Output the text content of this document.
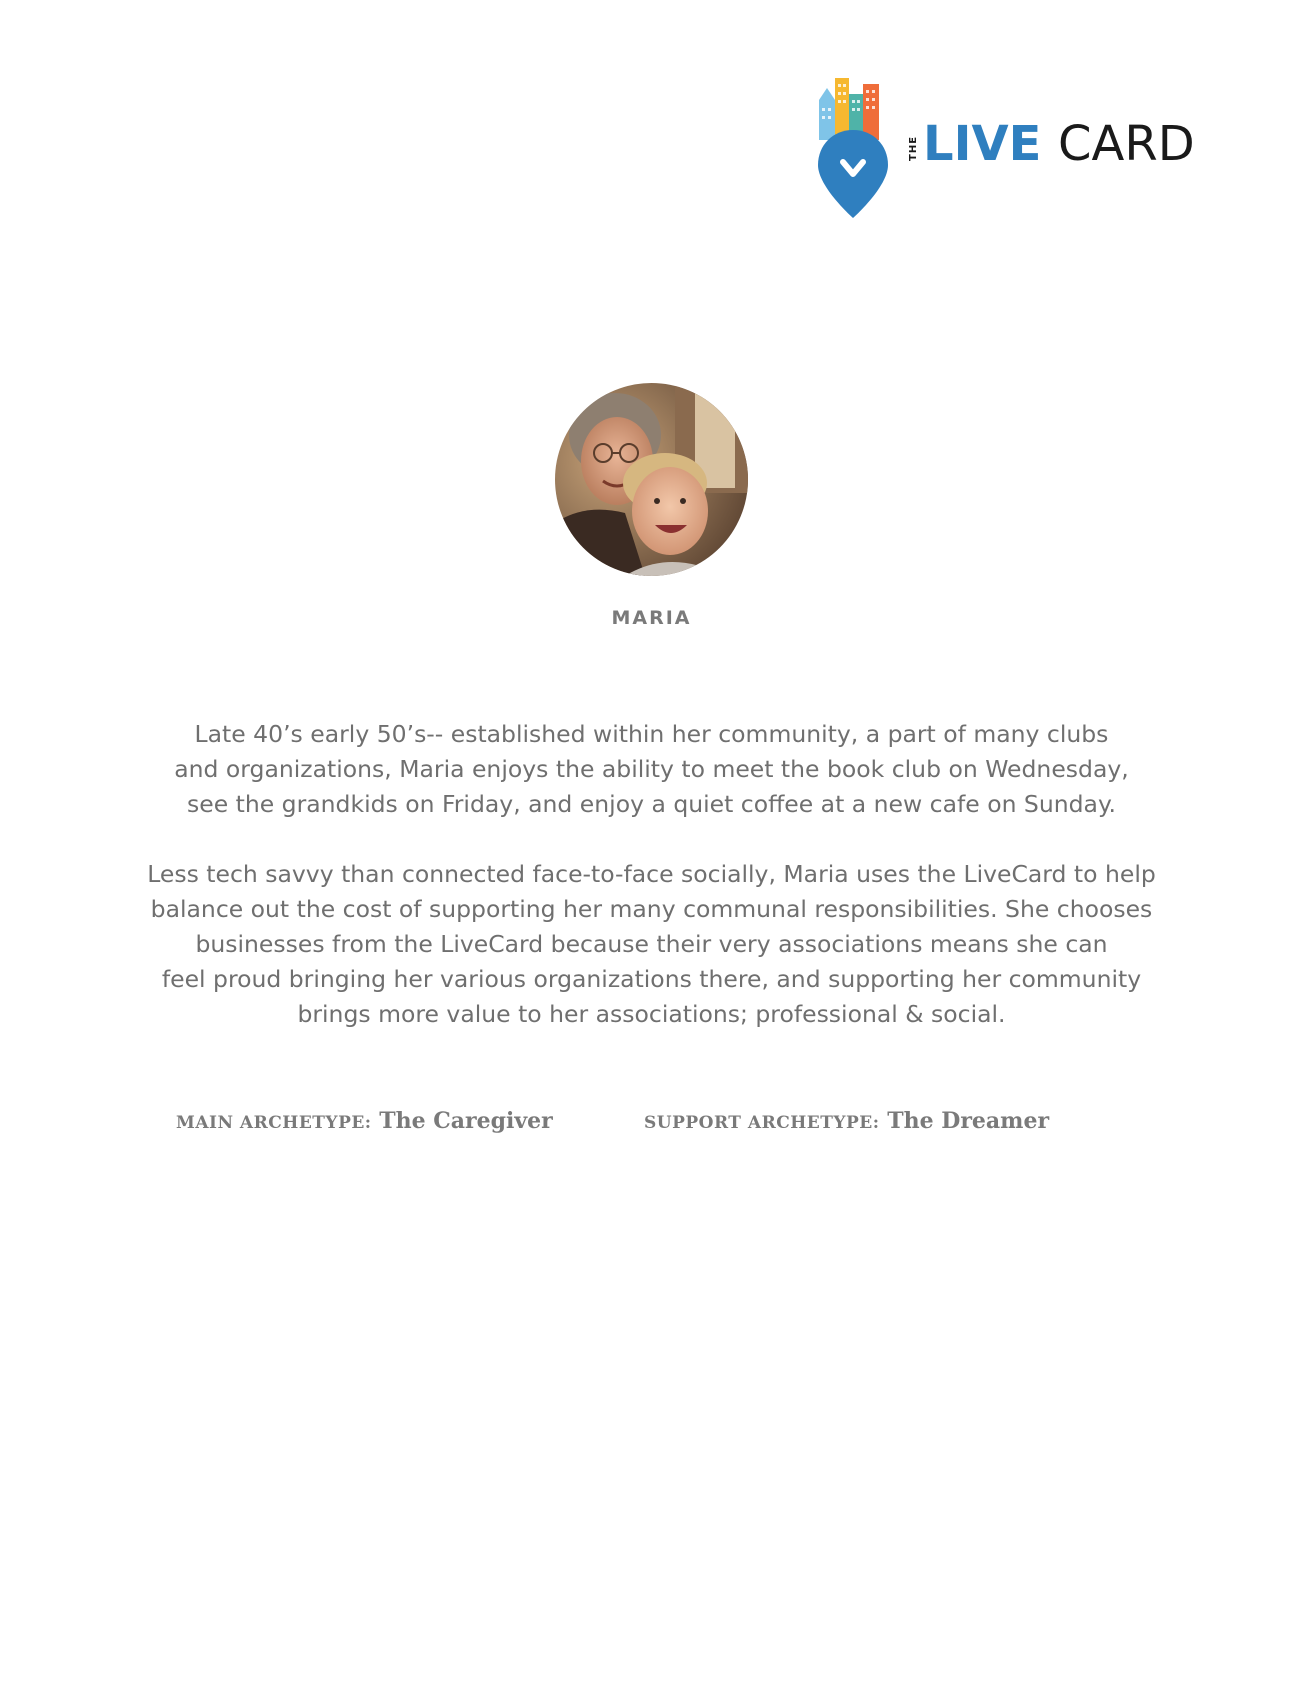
THE LIVE CARD
MARIA

Late 40’s early 50’s-- established within her community, a part of many clubs
and organizations, Maria enjoys the ability to meet the book club on Wednesday,
see the grandkids on Friday, and enjoy a quiet coffee at a new cafe on Sunday.

Less tech savvy than connected face-to-face socially, Maria uses the LiveCard to help
balance out the cost of supporting her many communal responsibilities. She chooses
businesses from the LiveCard because their very associations means she can
feel proud bringing her various organizations there, and supporting her community
brings more value to her associations; professional & social.

MAIN ARCHETYPE: The Caregiver	SUPPORT ARCHETYPE: The Dreamer
